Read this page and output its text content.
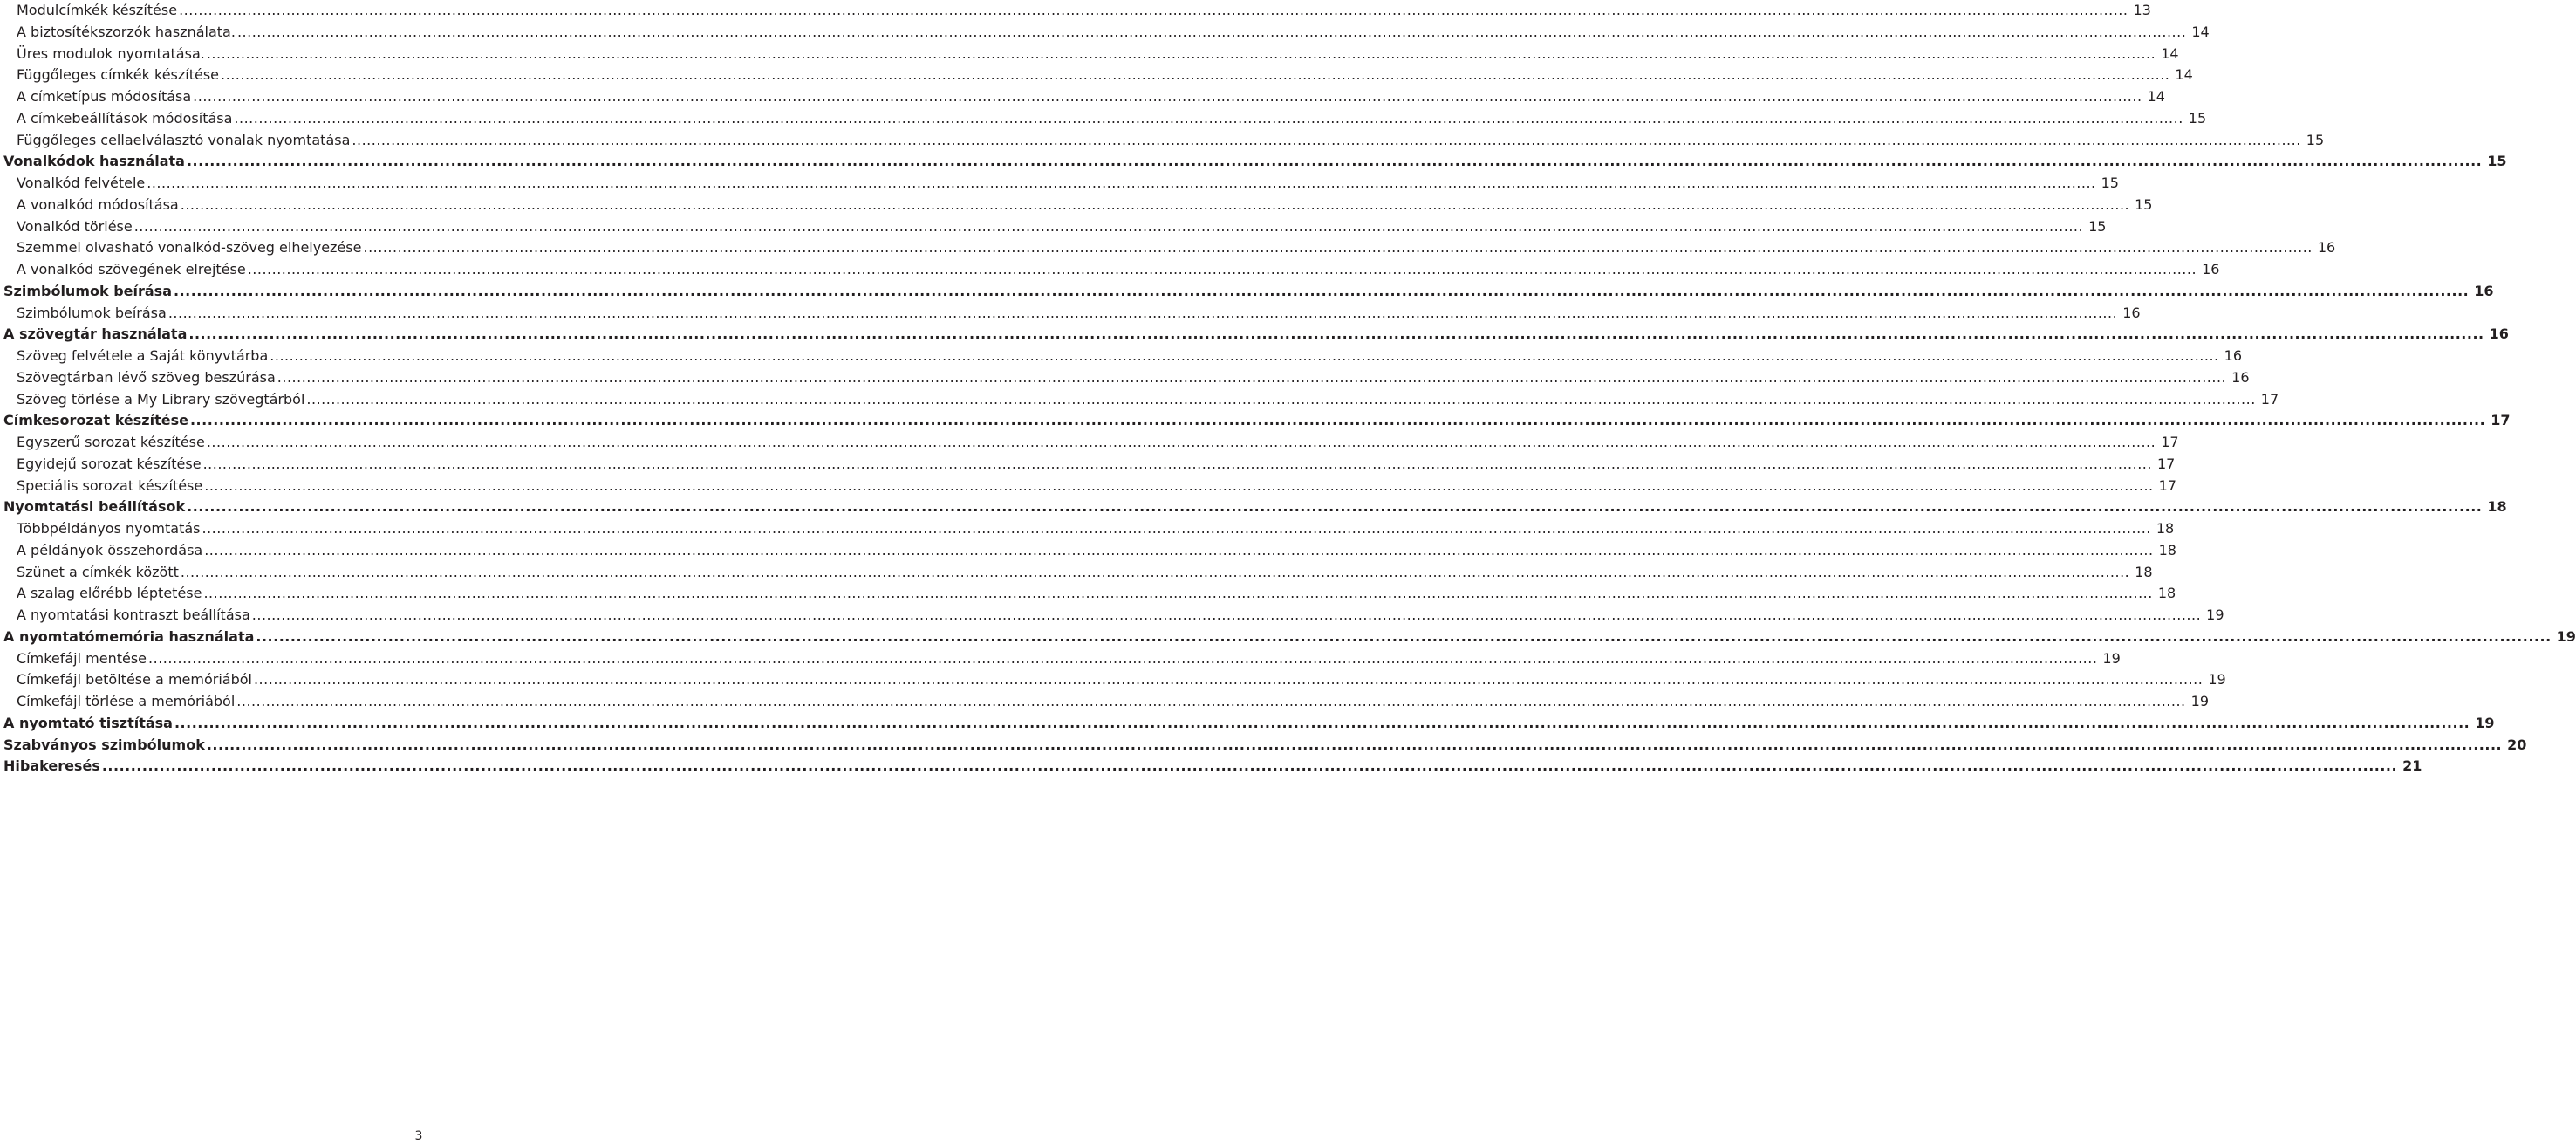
Modulcímkék készítése .....	13
A biztosítékszorzók használata. .....	14
Üres modulok nyomtatása. .....	14
Függőleges címkék készítése .....	14
A címketípus módosítása .....	14
A címkebeállítások módosítása .....	15
Függőleges cellaelválasztó vonalak nyomtatása .....	15
Vonalkódok használata .....	15
Vonalkód felvétele .....	15
A vonalkód módosítása .....	15
Vonalkód törlése .....	15
Szemmel olvasható vonalkód-szöveg elhelyezése .....	16
A vonalkód szövegének elrejtése .....	16
Szimbólumok beírása .....	16
Szimbólumok beírása .....	16
A szövegtár használata .....	16
Szöveg felvétele a Saját könyvtárba .....	16
Szövegtárban lévő szöveg beszúrása .....	16
Szöveg törlése a My Library szövegtárból .....	17
Címkesorozat készítése .....	17
Egyszerű sorozat készítése .....	17
Egyidejű sorozat készítése .....	17
Speciális sorozat készítése .....	17
Nyomtatási beállítások .....	18
Többpéldányos nyomtatás .....	18
A példányok összehordása .....	18
Szünet a címkék között .....	18
A szalag előrébb léptetése .....	18
A nyomtatási kontraszt beállítása .....	19
A nyomtatómemória használata .....	19
Címkefájl mentése .....	19
Címkefájl betöltése a memóriából .....	19
Címkefájl törlése a memóriából .....	19
A nyomtató tisztítása .....	19
Szabványos szimbólumok .....	20
Hibakeresés .....	21
3
